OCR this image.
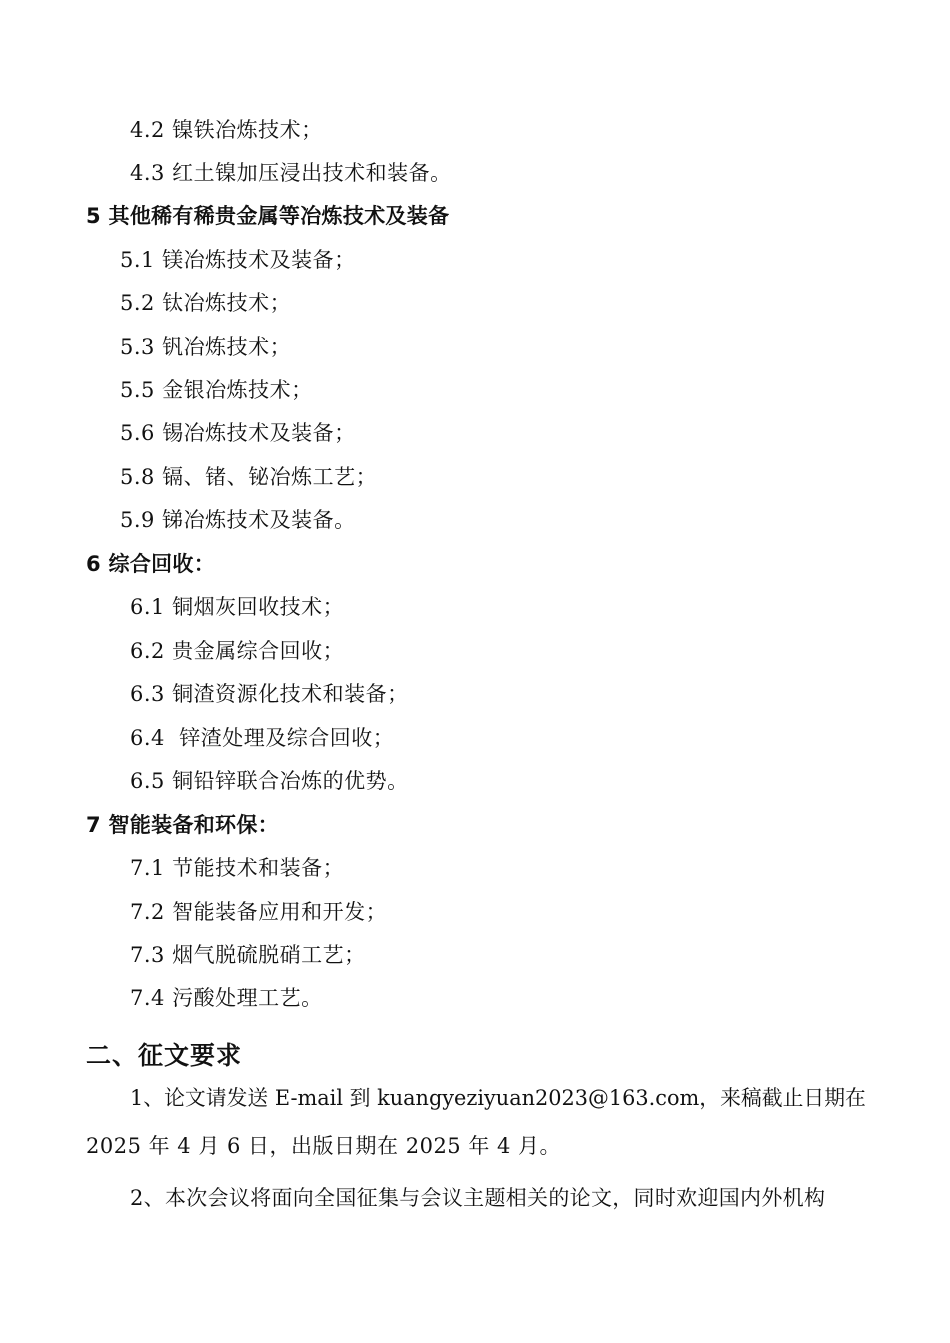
4.2 镍铁冶炼技术；
4.3 红土镍加压浸出技术和装备。
5 其他稀有稀贵金属等冶炼技术及装备
5.1 镁冶炼技术及装备；
5.2 钛冶炼技术；
5.3 钒冶炼技术；
5.5 金银冶炼技术；
5.6 锡冶炼技术及装备；
5.8 镉、锗、铋冶炼工艺；
5.9 锑冶炼技术及装备。
6 综合回收：
6.1 铜烟灰回收技术；
6.2 贵金属综合回收；
6.3 铜渣资源化技术和装备；
6.4  锌渣处理及综合回收；
6.5 铜铅锌联合冶炼的优势。
7 智能装备和环保：
7.1 节能技术和装备；
7.2 智能装备应用和开发；
7.3 烟气脱硫脱硝工艺；
7.4 污酸处理工艺。
二、征文要求
1、论文请发送 E-mail 到 kuangyeziyuan2023@163.com，来稿截止日期在
2025 年 4 月 6 日，出版日期在 2025 年 4 月。
2、本次会议将面向全国征集与会议主题相关的论文，同时欢迎国内外机构
